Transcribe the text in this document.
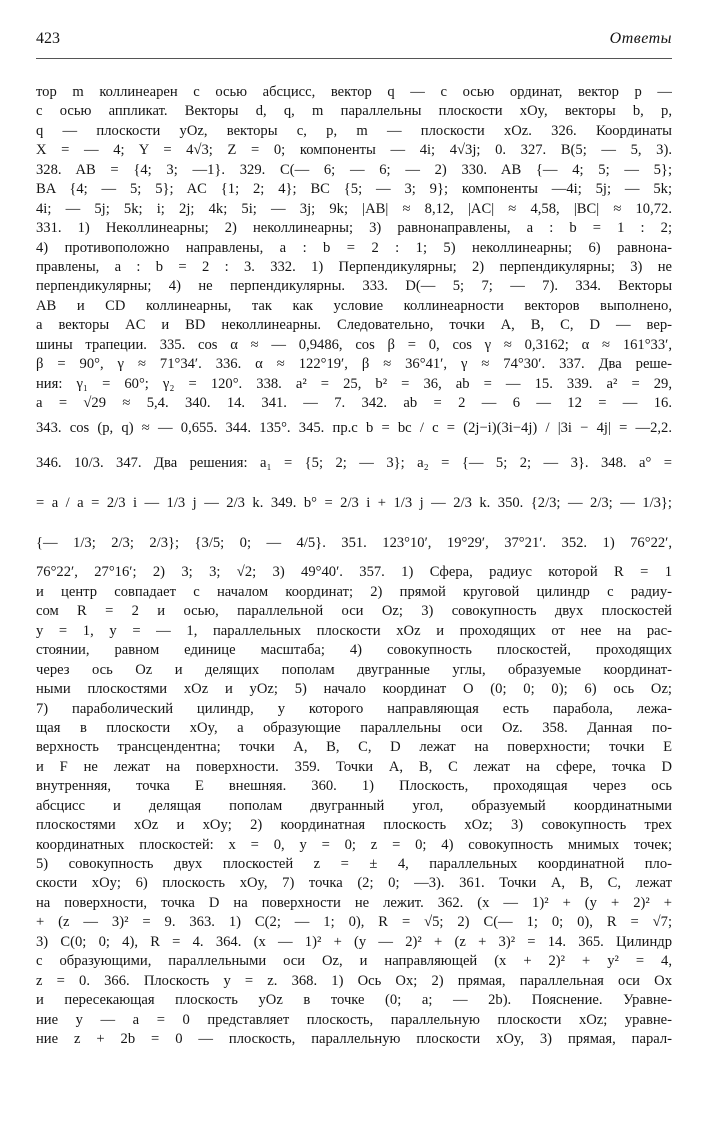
423	Ответы
тор m коллинеарен с осью абсцисс, вектор q — с осью ординат, вектор p —
с осью аппликат. Векторы d, q, m параллельны плоскости xOy, векторы b, p,
q — плоскости yOz, векторы c, p, m — плоскости xOz. 326. Координаты
X = — 4; Y = 4√3; Z = 0; компоненты — 4i; 4√3j; 0. 327. B(5; — 5, 3).
328. AB = {4; 3; —1}. 329. C(— 6; — 6; — 2) 330. AB {— 4; 5; — 5};
BA {4; — 5; 5}; AC {1; 2; 4}; BC {5; — 3; 9}; компоненты —4i; 5j; — 5k;
4i; — 5j; 5k; i; 2j; 4k; 5i; — 3j; 9k; |AB| ≈ 8,12, |AC| ≈ 4,58, |BC| ≈ 10,72.
331. 1) Неколлинеарны; 2) неколлинеарны; 3) равнонаправлены, a : b = 1 : 2;
4) противоположно направлены, a : b = 2 : 1; 5) неколлинеарны; 6) равнона-
правлены, a : b = 2 : 3. 332. 1) Перпендикулярны; 2) перпендикулярны; 3) не
перпендикулярны; 4) не перпендикулярны. 333. D(— 5; 7; — 7). 334. Векторы
AB и CD коллинеарны, так как условие коллинеарности векторов выполнено,
а векторы AC и BD неколлинеарны. Следовательно, точки A, B, C, D — вер-
шины трапеции. 335. cos α ≈ — 0,9486, cos β = 0, cos γ ≈ 0,3162; α ≈ 161°33′,
β = 90°, γ ≈ 71°34′. 336. α ≈ 122°19′, β ≈ 36°41′, γ ≈ 74°30′. 337. Два реше-
ния: γ₁ = 60°; γ₂ = 120°. 338. a² = 25, b² = 36, ab = — 15. 339. a² = 29,
a = √29 ≈ 5,4. 340. 14. 341. — 7. 342. ab = 2 — 6 — 12 = — 16.
343. cos (p, q) ≈ — 0,655. 344. 135°. 345. пр.c b = bc / c = (2j−i)(3i−4j) / |3i − 4j| = —2,2.
346. 10/3. 347. Два решения: a₁ = {5; 2; — 3}; a₂ = {— 5; 2; — 3}. 348. a° =
= a / a = 2/3 i — 1/3 j — 2/3 k. 349. b° = 2/3 i + 1/3 j — 2/3 k. 350. {2/3; — 2/3; — 1/3};
{— 1/3; 2/3; 2/3}; {3/5; 0; — 4/5}. 351. 123°10′, 19°29′, 37°21′. 352. 1) 76°22′,
76°22′, 27°16′; 2) 3; 3; √2; 3) 49°40′. 357. 1) Сфера, радиус которой R = 1
и центр совпадает с началом координат; 2) прямой круговой цилиндр с радиу-
сом R = 2 и осью, параллельной оси Oz; 3) совокупность двух плоскостей
y = 1, y = — 1, параллельных плоскости xOz и проходящих от нее на рас-
стоянии, равном единице масштаба; 4) совокупность плоскостей, проходящих
через ось Oz и делящих пополам двугранные углы, образуемые координат-
ными плоскостями xOz и yOz; 5) начало координат O (0; 0; 0); 6) ось Oz;
7) параболический цилиндр, у которого направляющая есть парабола, лежа-
щая в плоскости xOy, а образующие параллельны оси Oz. 358. Данная по-
верхность трансцендентна; точки A, B, C, D лежат на поверхности; точки E
и F не лежат на поверхности. 359. Точки A, B, C лежат на сфере, точка D
внутренняя, точка E внешняя. 360. 1) Плоскость, проходящая через ось
абсцисс и делящая пополам двугранный угол, образуемый координатными
плоскостями xOz и xOy; 2) координатная плоскость xOz; 3) совокупность трех
координатных плоскостей: x = 0, y = 0; z = 0; 4) совокупность мнимых точек;
5) совокупность двух плоскостей z = ± 4, параллельных координатной пло-
скости xOy; 6) плоскость xOy, 7) точка (2; 0; —3). 361. Точки A, B, C, лежат
на поверхности, точка D на поверхности не лежит. 362. (x — 1)² + (y + 2)² +
+ (z — 3)² = 9. 363. 1) C(2; — 1; 0), R = √5; 2) C(— 1; 0; 0), R = √7;
3) C(0; 0; 4), R = 4. 364. (x — 1)² + (y — 2)² + (z + 3)² = 14. 365. Цилиндр
с образующими, параллельными оси Oz, и направляющей (x + 2)² + y² = 4,
z = 0. 366. Плоскость y = z. 368. 1) Ось Ox; 2) прямая, параллельная оси Ox
и пересекающая плоскость yOz в точке (0; a; — 2b). Пояснение. Уравне-
ние y — a = 0 представляет плоскость, параллельную плоскости xOz; уравне-
ние z + 2b = 0 — плоскость, параллельную плоскости xOy, 3) прямая, парал-
